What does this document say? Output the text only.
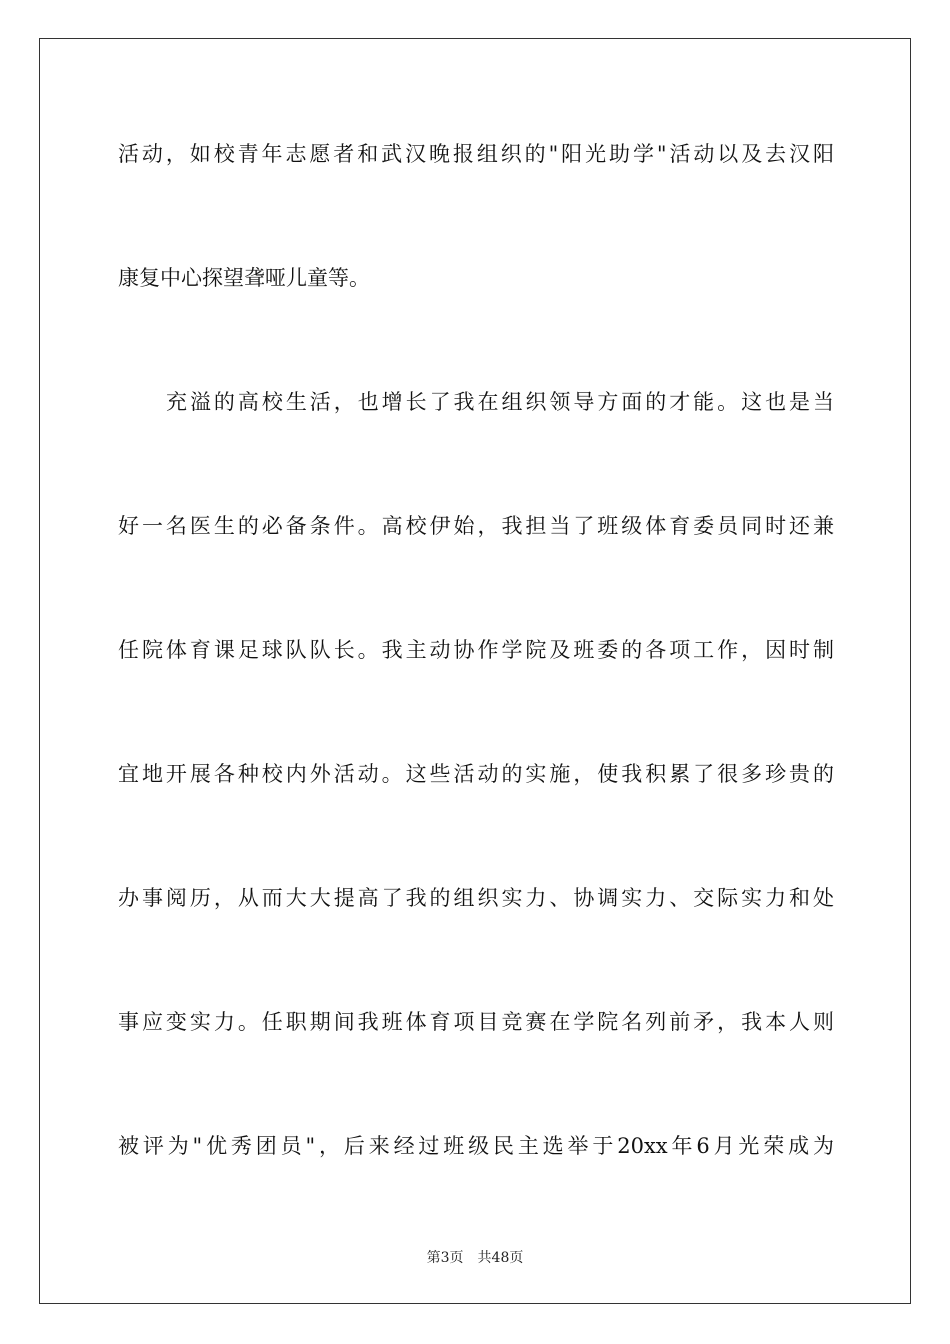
活动，如校青年志愿者和武汉晚报组织的"阳光助学"活动以及去汉阳
康复中心探望聋哑儿童等。
充溢的高校生活，也增长了我在组织领导方面的才能。这也是当
好一名医生的必备条件。高校伊始，我担当了班级体育委员同时还兼
任院体育课足球队队长。我主动协作学院及班委的各项工作，因时制
宜地开展各种校内外活动。这些活动的实施，使我积累了很多珍贵的
办事阅历，从而大大提高了我的组织实力、协调实力、交际实力和处
事应变实力。任职期间我班体育项目竞赛在学院名列前矛，我本人则
被评为"优秀团员"，后来经过班级民主选举于20xx年6月光荣成为
第3页 共48页
